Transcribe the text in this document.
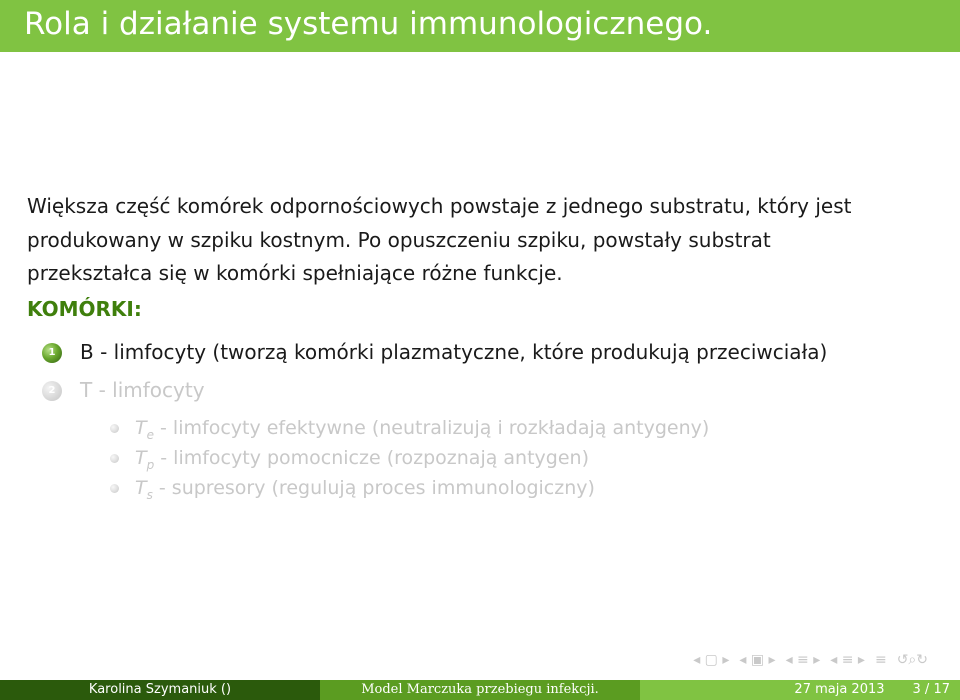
Rola i działanie systemu immunologicznego.

Większa część komórek odpornościowych powstaje z jednego substratu, który jest

produkowany w szpiku kostnym. Po opuszczeniu szpiku, powstały substrat

przekształca się w komórki spełniające różne funkcje.

KOMÓRKI:
1	B - limfocyty (tworzą komórki plazmatyczne, które produkują przeciwciała)
2	T - limfocyty
$T_e$ - limfocyty efektywne (neutralizują i rozkładają antygeny)
$T_p$ - limfocyty pomocnicze (rozpoznają antygen)
$T_s$ - supresory (regulują proces immunologiczny)
◂ ▢ ▸ ◂ ▣ ▸ ◂ ≡ ▸ ◂ ≡ ▸ ≡ ↺⌕↻
Karolina Szymaniuk ()	Model Marczuka przebiegu infekcji.	27 maja 2013 3 / 17
